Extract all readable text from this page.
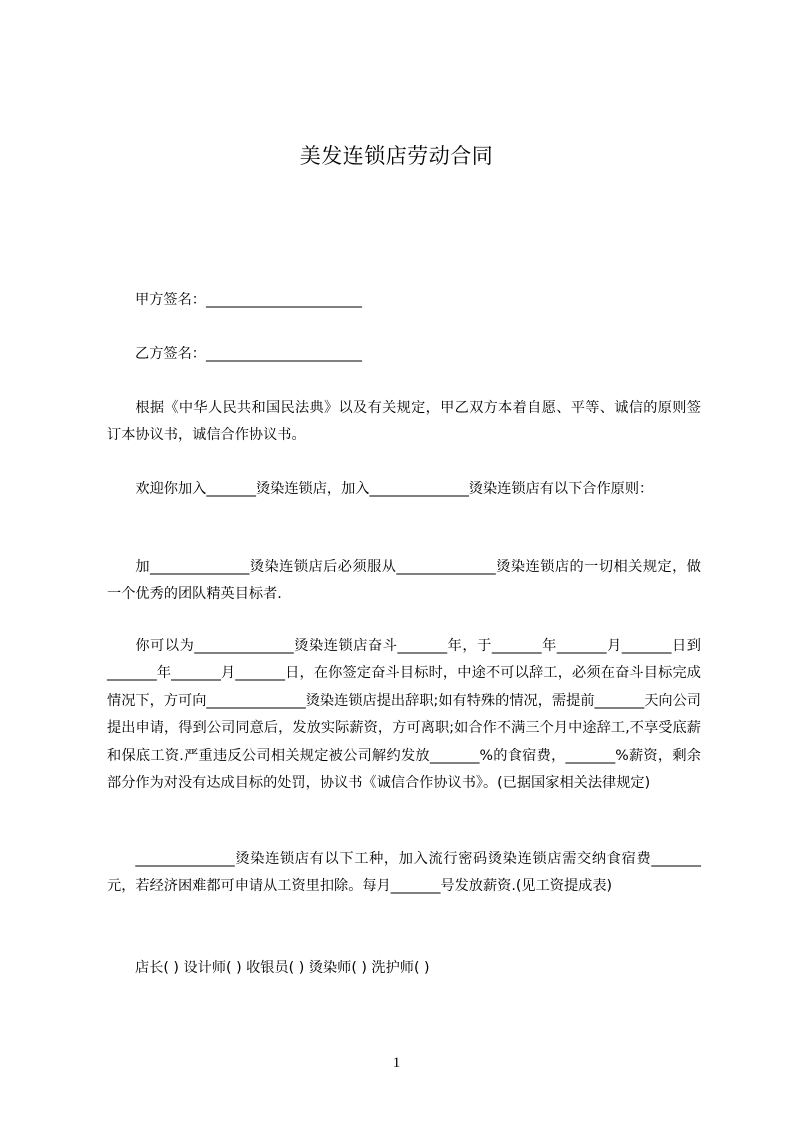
美发连锁店劳动合同
甲方签名：______________________
乙方签名：______________________

根据《中华人民共和国民法典》以及有关规定，甲乙双方本着自愿、平等、诚信的原则签订本协议书，诚信合作协议书。

欢迎你加入_______烫染连锁店，加入______________烫染连锁店有以下合作原则：

加______________烫染连锁店后必须服从______________烫染连锁店的一切相关规定，做一个优秀的团队精英目标者.

你可以为______________烫染连锁店奋斗_______年，于_______年_______月_______日到_______年_______月_______日，在你签定奋斗目标时，中途不可以辞工，必须在奋斗目标完成情况下，方可向______________烫染连锁店提出辞职;如有特殊的情况，需提前_______天向公司提出申请，得到公司同意后，发放实际薪资，方可离职;如合作不满三个月中途辞工,不享受底薪和保底工资.严重违反公司相关规定被公司解约发放_______%的食宿费，_______%薪资，剩余部分作为对没有达成目标的处罚，协议书《诚信合作协议书》。(已据国家相关法律规定)

______________烫染连锁店有以下工种，加入流行密码烫染连锁店需交纳食宿费_______元，若经济困难都可申请从工资里扣除。每月_______号发放薪资.(见工资提成表)

店长( ) 设计师( ) 收银员( ) 烫染师( ) 洗护师( )
1
